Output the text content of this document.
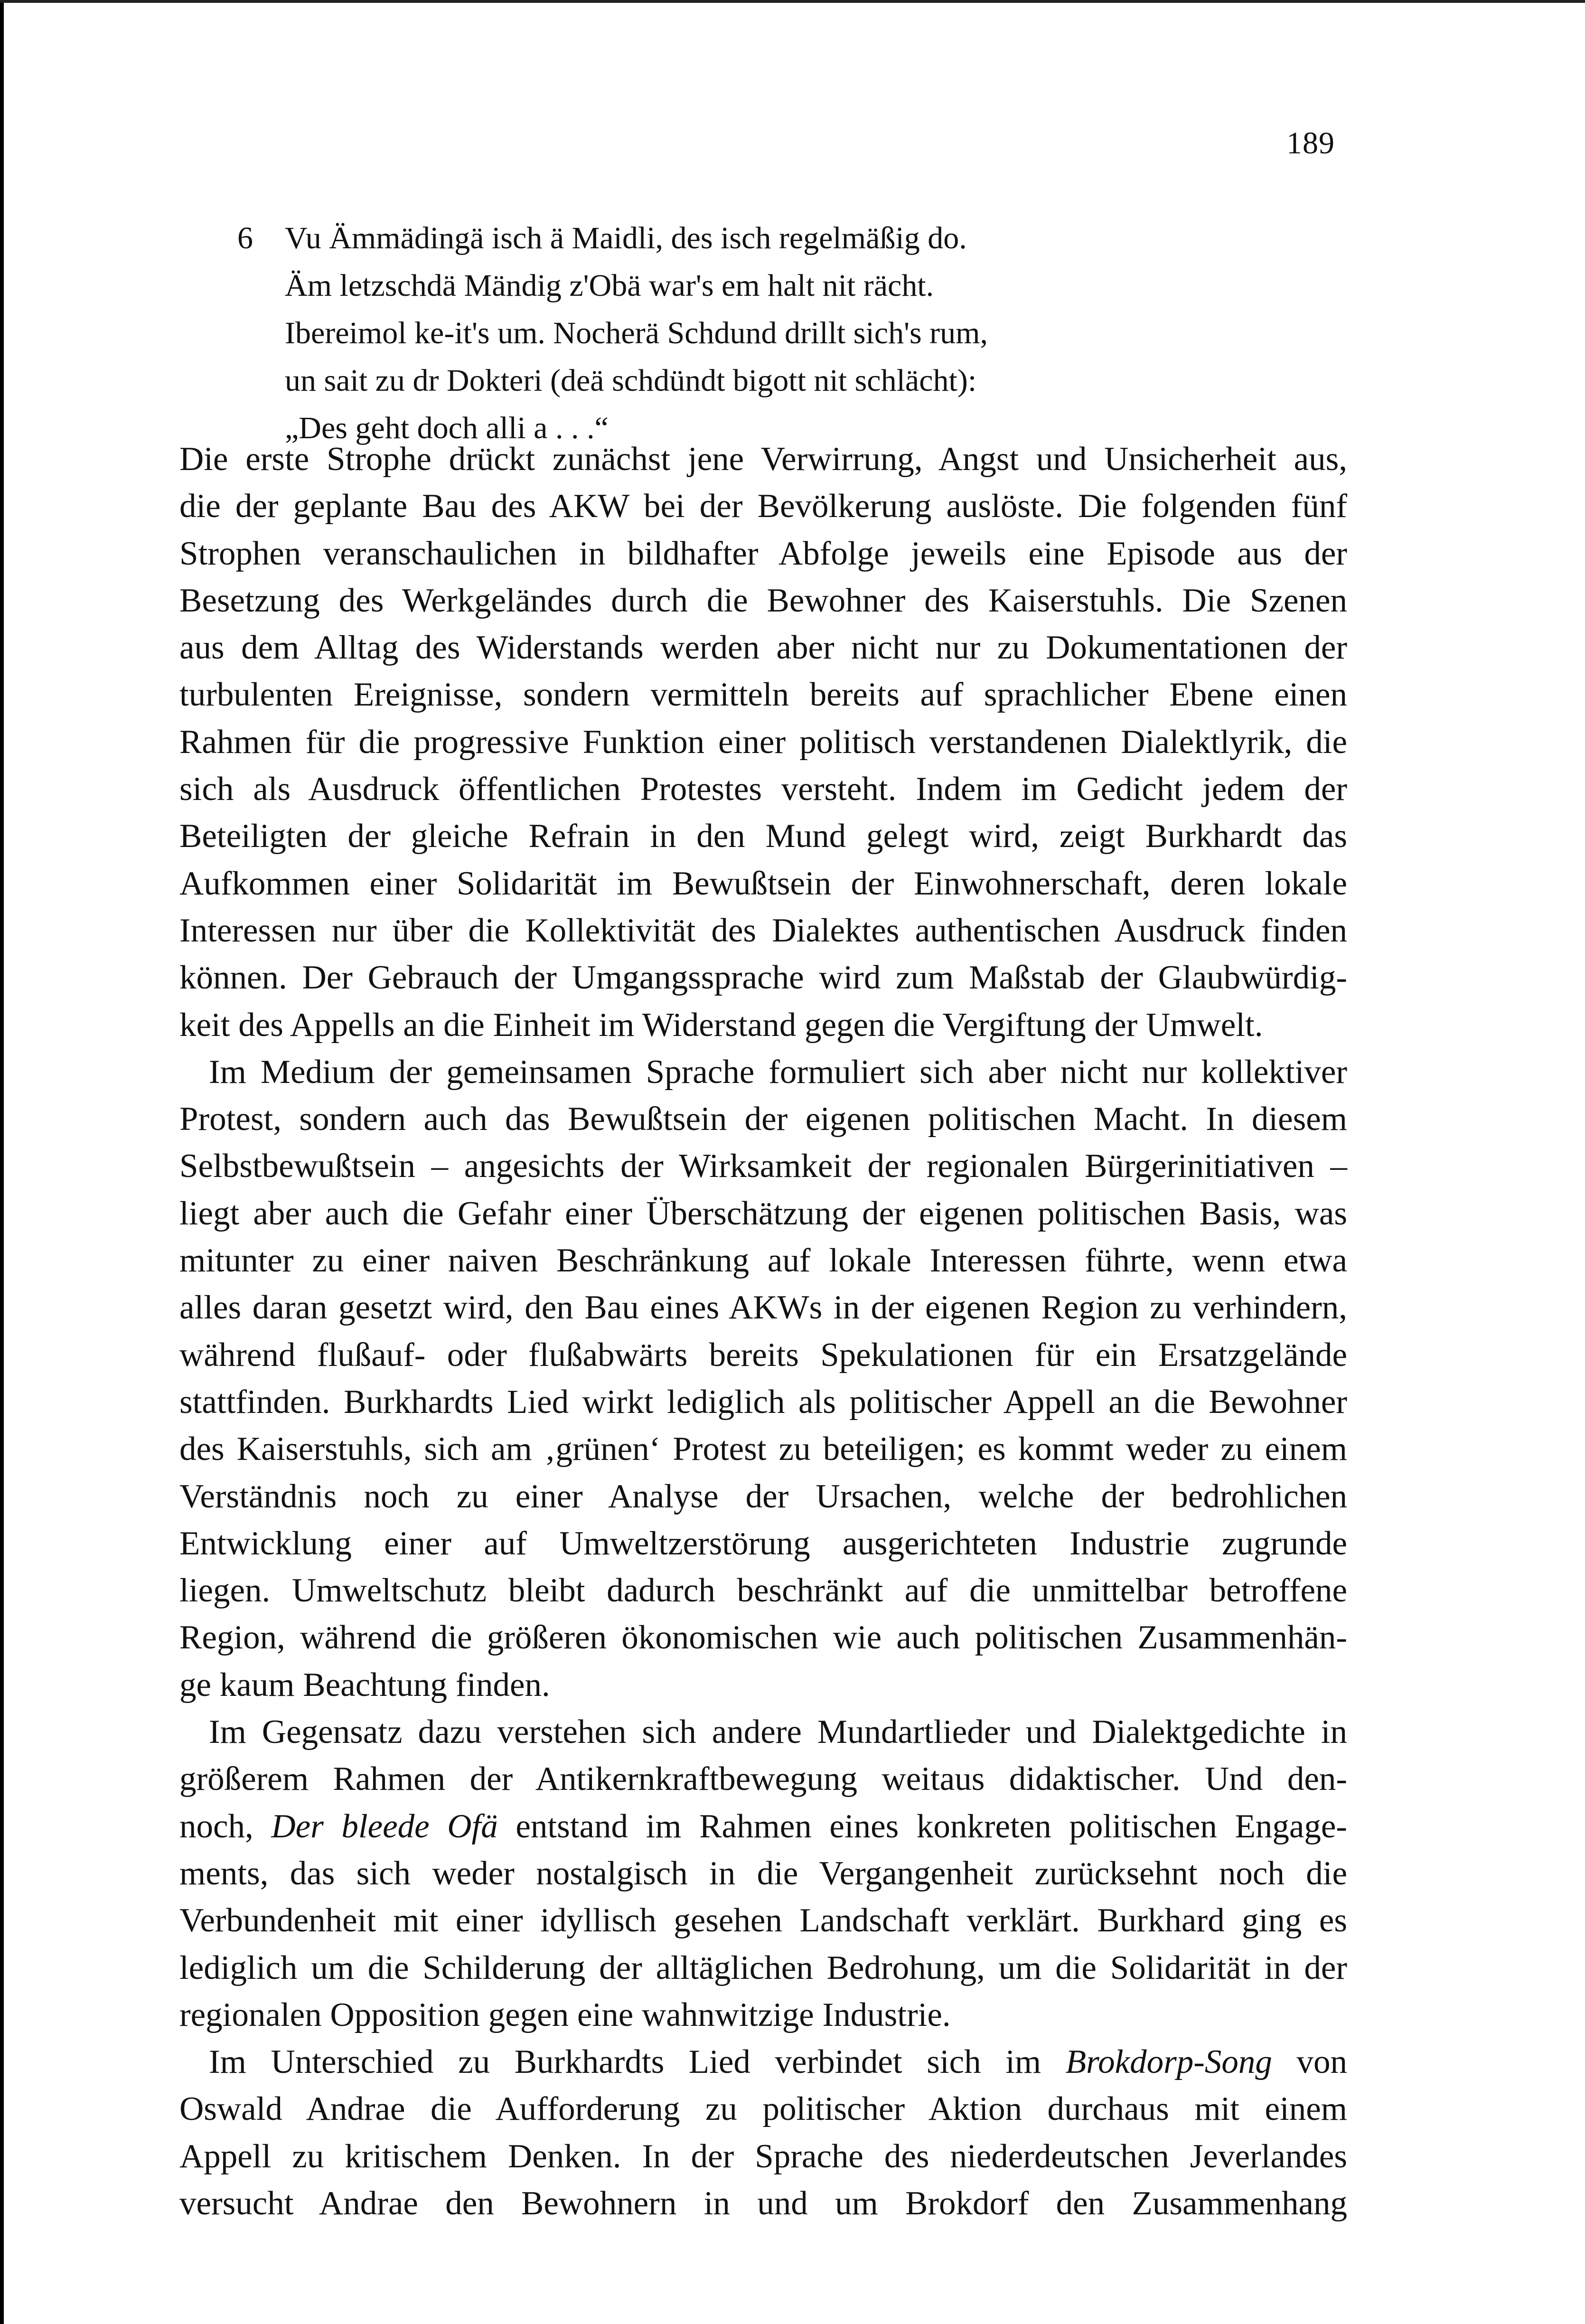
189
6 Vu Ämmädingä isch ä Maidli, des isch regelmäßig do.
Äm letzschdä Mändig z'Obä war's em halt nit rächt.
Ibereimol ke-it's um. Nocherä Schdund drillt sich's rum,
un sait zu dr Dokteri (deä schdündt bigott nit schlächt):
„Des geht doch alli a . . .“
Die erste Strophe drückt zunächst jene Verwirrung, Angst und Unsicherheit aus,
die der geplante Bau des AKW bei der Bevölkerung auslöste. Die folgenden fünf
Strophen veranschaulichen in bildhafter Abfolge jeweils eine Episode aus der
Besetzung des Werkgeländes durch die Bewohner des Kaiserstuhls. Die Szenen
aus dem Alltag des Widerstands werden aber nicht nur zu Dokumentationen der
turbulenten Ereignisse, sondern vermitteln bereits auf sprachlicher Ebene einen
Rahmen für die progressive Funktion einer politisch verstandenen Dialektlyrik, die
sich als Ausdruck öffentlichen Protestes versteht. Indem im Gedicht jedem der
Beteiligten der gleiche Refrain in den Mund gelegt wird, zeigt Burkhardt das
Aufkommen einer Solidarität im Bewußtsein der Einwohnerschaft, deren lokale
Interessen nur über die Kollektivität des Dialektes authentischen Ausdruck finden
können. Der Gebrauch der Umgangssprache wird zum Maßstab der Glaubwürdig-
keit des Appells an die Einheit im Widerstand gegen die Vergiftung der Umwelt.
Im Medium der gemeinsamen Sprache formuliert sich aber nicht nur kollektiver
Protest, sondern auch das Bewußtsein der eigenen politischen Macht. In diesem
Selbstbewußtsein – angesichts der Wirksamkeit der regionalen Bürgerinitiativen –
liegt aber auch die Gefahr einer Überschätzung der eigenen politischen Basis, was
mitunter zu einer naiven Beschränkung auf lokale Interessen führte, wenn etwa
alles daran gesetzt wird, den Bau eines AKWs in der eigenen Region zu verhindern,
während flußauf- oder flußabwärts bereits Spekulationen für ein Ersatzgelände
stattfinden. Burkhardts Lied wirkt lediglich als politischer Appell an die Bewohner
des Kaiserstuhls, sich am ‚grünen‘ Protest zu beteiligen; es kommt weder zu einem
Verständnis noch zu einer Analyse der Ursachen, welche der bedrohlichen
Entwicklung einer auf Umweltzerstörung ausgerichteten Industrie zugrunde
liegen. Umweltschutz bleibt dadurch beschränkt auf die unmittelbar betroffene
Region, während die größeren ökonomischen wie auch politischen Zusammenhän-
ge kaum Beachtung finden.
Im Gegensatz dazu verstehen sich andere Mundartlieder und Dialektgedichte in
größerem Rahmen der Antikernkraftbewegung weitaus didaktischer. Und den-
noch, Der bleede Ofä entstand im Rahmen eines konkreten politischen Engage-
ments, das sich weder nostalgisch in die Vergangenheit zurücksehnt noch die
Verbundenheit mit einer idyllisch gesehen Landschaft verklärt. Burkhard ging es
lediglich um die Schilderung der alltäglichen Bedrohung, um die Solidarität in der
regionalen Opposition gegen eine wahnwitzige Industrie.
Im Unterschied zu Burkhardts Lied verbindet sich im Brokdorp-Song von
Oswald Andrae die Aufforderung zu politischer Aktion durchaus mit einem
Appell zu kritischem Denken. In der Sprache des niederdeutschen Jeverlandes
versucht Andrae den Bewohnern in und um Brokdorf den Zusammenhang
